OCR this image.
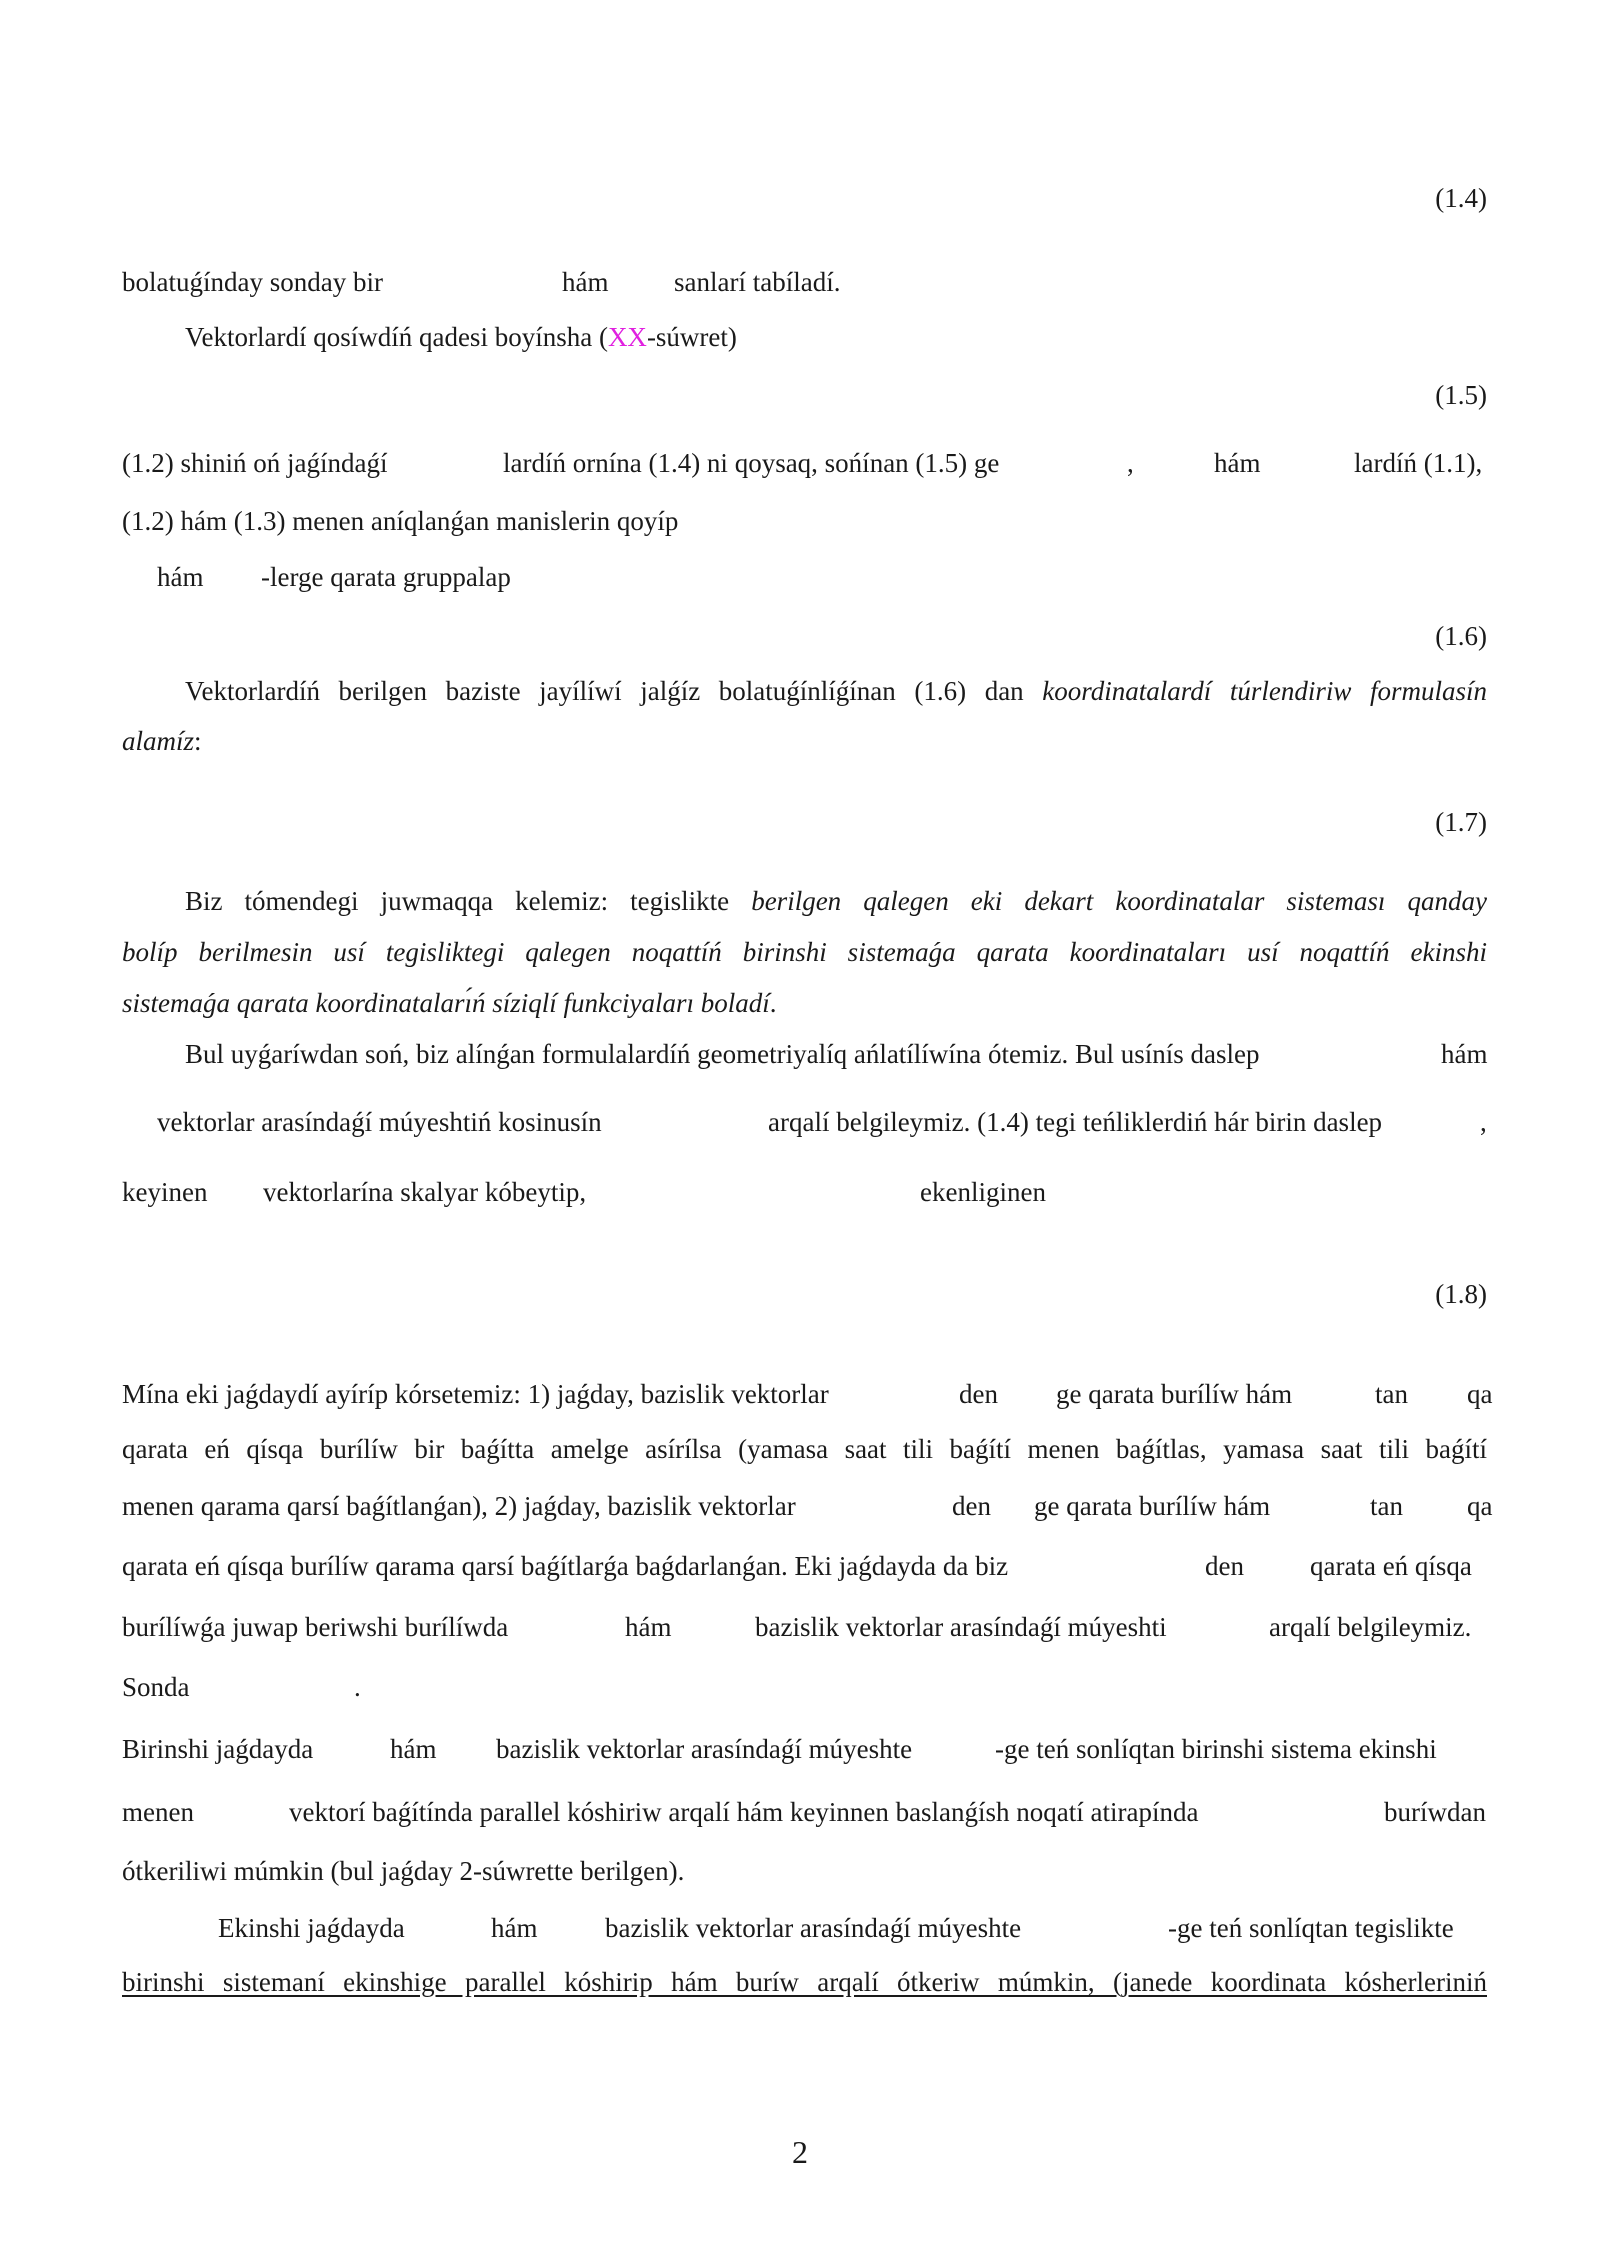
(1.4)
bolatuǵínday sonday bir	hám sanlarí tabíladí.
Vektorlardí qosíwdíń qadesi boyínsha (XX-súwret)
(1.5)
(1.2) shiniń oń jaǵíndaǵí	lardíń ornína (1.4) ni qoysaq, sońínan (1.5) ge	,	hám	lardíń (1.1),
(1.2) hám (1.3) menen aníqlanǵan manislerin qoyíp
hám -lerge qarata gruppalap
(1.6)
Vektorlardíń berilgen baziste jayílíwí jalǵíz bolatuǵínlíǵínan (1.6) dan koordinatalardí túrlendiriw formulasín
alamíz:
(1.7)
Biz tómendegi juwmaqqa kelemiz: tegislikte berilgen qalegen eki dekart koordinatalar sisteması qanday
bolíp berilmesin usí tegisliktegi qalegen noqattíń birinshi sistemaǵa qarata koordinataları usí noqattíń ekinshi
sistemaǵa qarata koordinataları́ń síziqlí funkciyaları boladí.
Bul uyǵaríwdan soń, biz alínǵan formulalardíń geometriyalíq ańlatílíwína ótemiz. Bul usínís daslep	hám
vektorlar arasíndaǵí múyeshtiń kosinusín	arqalí belgileymiz. (1.4) tegi teńliklerdiń hár birin daslep	,
keyinen vektorlarína skalyar kóbeytip,	ekenliginen
(1.8)
Mína eki jaǵdaydí ayíríp kórsetemiz: 1) jaǵday, bazislik vektorlar	den ge qarata burílíw hám	tan qa
qarata eń qísqa burílíw bir baǵítta amelge asírílsa (yamasa saat tili baǵítí menen baǵítlas, yamasa saat tili baǵítí
menen qarama qarsí baǵítlanǵan), 2) jaǵday, bazislik vektorlar	den ge qarata burílíw hám	tan qa
qarata eń qísqa burílíw qarama qarsí baǵítlarǵa baǵdarlanǵan. Eki jaǵdayda da biz	den qarata eń qísqa
burílíwǵa juwap beriwshi burílíwda	hám	bazislik vektorlar arasíndaǵí múyeshti	arqalí belgileymiz.
Sonda	.
Birinshi jaǵdayda	hám bazislik vektorlar arasíndaǵí múyeshte	-ge teń sonlíqtan birinshi sistema ekinshi
menen	vektorí baǵítínda parallel kóshiriw arqalí hám keyinnen baslanǵísh noqatí atirapínda	buríwdan
ótkeriliwi múmkin (bul jaǵday 2-súwrette berilgen).
Ekinshi jaǵdayda	hám	bazislik vektorlar arasíndaǵí múyeshte	-ge teń sonlíqtan tegislikte
birinshi sistemaní ekinshige parallel kóshirip hám buríw arqalí ótkeriw múmkin, (janede koordinata kósherleriniń
2
